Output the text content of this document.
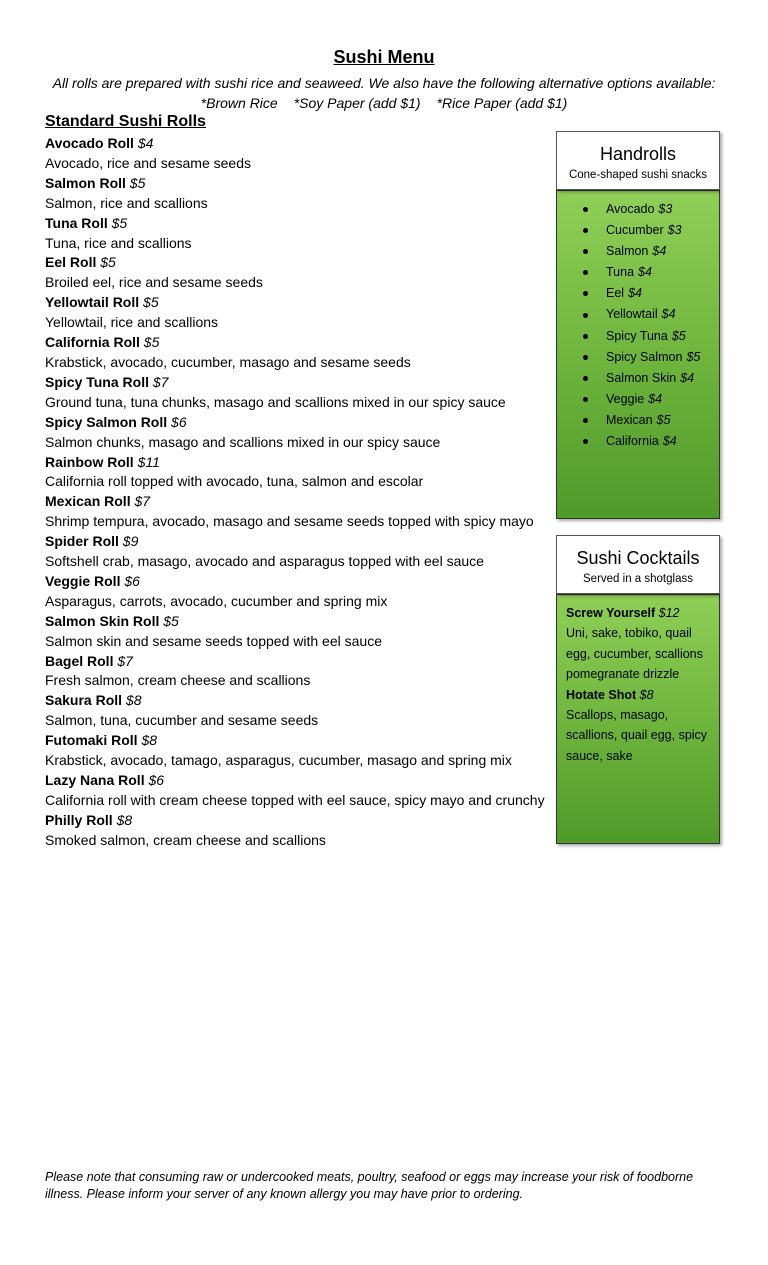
Sushi Menu
All rolls are prepared with sushi rice and seaweed. We also have the following alternative options available:
*Brown Rice *Soy Paper (add $1) *Rice Paper (add $1)
Standard Sushi Rolls
Avocado Roll $4
Avocado, rice and sesame seeds
Salmon Roll $5
Salmon, rice and scallions
Tuna Roll $5
Tuna, rice and scallions
Eel Roll $5
Broiled eel, rice and sesame seeds
Yellowtail Roll $5
Yellowtail, rice and scallions
California Roll $5
Krabstick, avocado, cucumber, masago and sesame seeds
Spicy Tuna Roll $7
Ground tuna, tuna chunks, masago and scallions mixed in our spicy sauce
Spicy Salmon Roll $6
Salmon chunks, masago and scallions mixed in our spicy sauce
Rainbow Roll $11
California roll topped with avocado, tuna, salmon and escolar
Mexican Roll $7
Shrimp tempura, avocado, masago and sesame seeds topped with spicy mayo
Spider Roll $9
Softshell crab, masago, avocado and asparagus topped with eel sauce
Veggie Roll $6
Asparagus, carrots, avocado, cucumber and spring mix
Salmon Skin Roll $5
Salmon skin and sesame seeds topped with eel sauce
Bagel Roll $7
Fresh salmon, cream cheese and scallions
Sakura Roll $8
Salmon, tuna, cucumber and sesame seeds
Futomaki Roll $8
Krabstick, avocado, tamago, asparagus, cucumber, masago and spring mix
Lazy Nana Roll $6
California roll with cream cheese topped with eel sauce, spicy mayo and crunchy
Philly Roll $8
Smoked salmon, cream cheese and scallions
Handrolls
Cone-shaped sushi snacks
Avocado $3
Cucumber $3
Salmon $4
Tuna $4
Eel $4
Yellowtail $4
Spicy Tuna $5
Spicy Salmon $5
Salmon Skin $4
Veggie $4
Mexican $5
California $4
Sushi Cocktails
Served in a shotglass
Screw Yourself $12
Uni, sake, tobiko, quail egg, cucumber, scallions pomegranate drizzle
Hotate Shot $8
Scallops, masago, scallions, quail egg, spicy sauce, sake
Please note that consuming raw or undercooked meats, poultry, seafood or eggs may increase your risk of foodborne illness. Please inform your server of any known allergy you may have prior to ordering.
